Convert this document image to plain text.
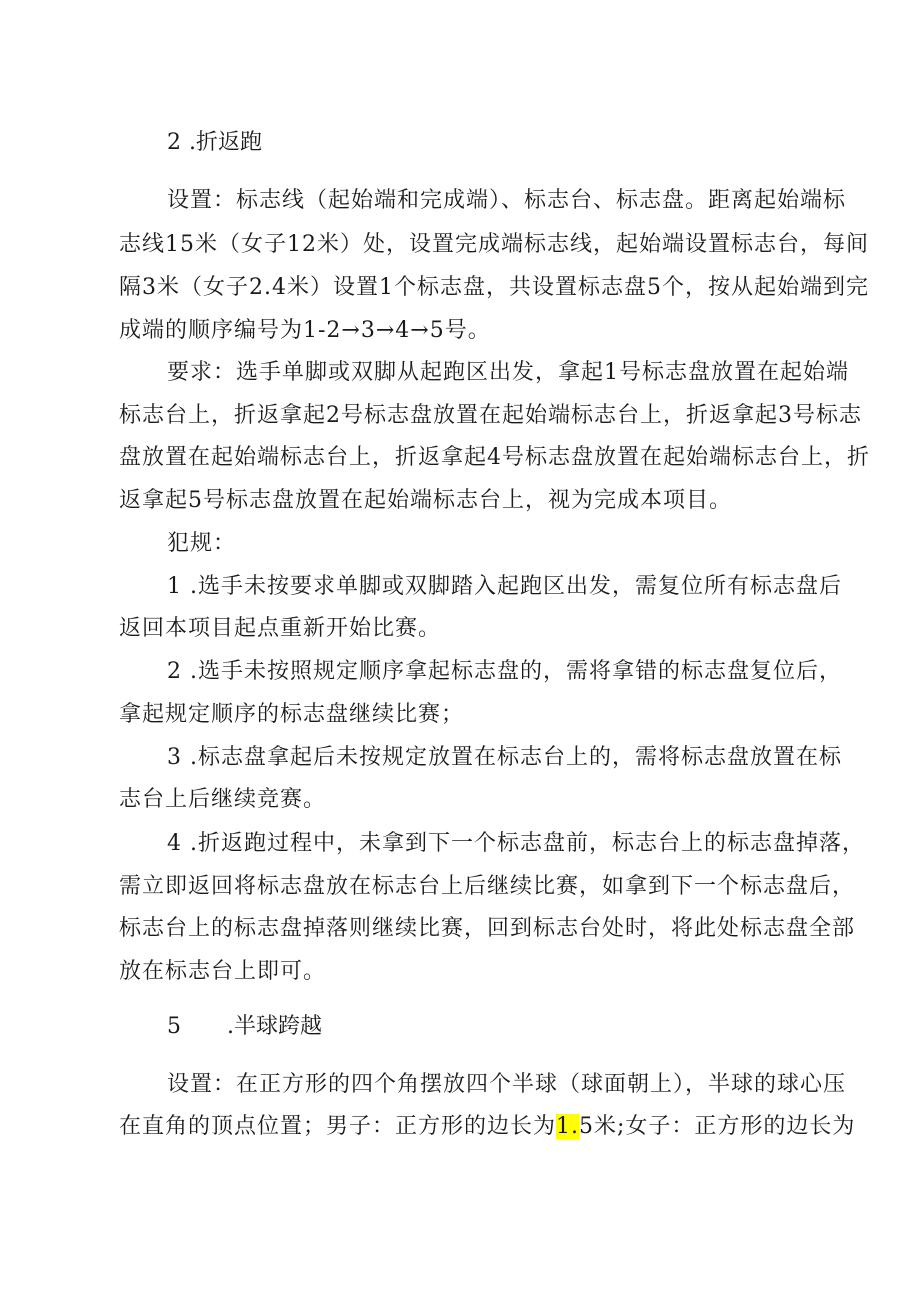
2 .折返跑
设置：标志线（起始端和完成端）、标志台、标志盘。距离起始端标
志线15米（女子12米）处，设置完成端标志线，起始端设置标志台，每间
隔3米（女子2.4米）设置1个标志盘，共设置标志盘5个，按从起始端到完
成端的顺序编号为1-2→3→4→5号。
要求：选手单脚或双脚从起跑区出发，拿起1号标志盘放置在起始端
标志台上，折返拿起2号标志盘放置在起始端标志台上，折返拿起3号标志
盘放置在起始端标志台上，折返拿起4号标志盘放置在起始端标志台上，折
返拿起5号标志盘放置在起始端标志台上，视为完成本项目。
犯规：
1 .选手未按要求单脚或双脚踏入起跑区出发，需复位所有标志盘后
返回本项目起点重新开始比赛。
2 .选手未按照规定顺序拿起标志盘的，需将拿错的标志盘复位后，
拿起规定顺序的标志盘继续比赛；
3 .标志盘拿起后未按规定放置在标志台上的，需将标志盘放置在标
志台上后继续竞赛。
4 .折返跑过程中，未拿到下一个标志盘前，标志台上的标志盘掉落，
需立即返回将标志盘放在标志台上后继续比赛，如拿到下一个标志盘后，
标志台上的标志盘掉落则继续比赛，回到标志台处时，将此处标志盘全部
放在标志台上即可。
5 .半球跨越
设置：在正方形的四个角摆放四个半球（球面朝上），半球的球心压
在直角的顶点位置；男子：正方形的边长为1.5米;女子：正方形的边长为
